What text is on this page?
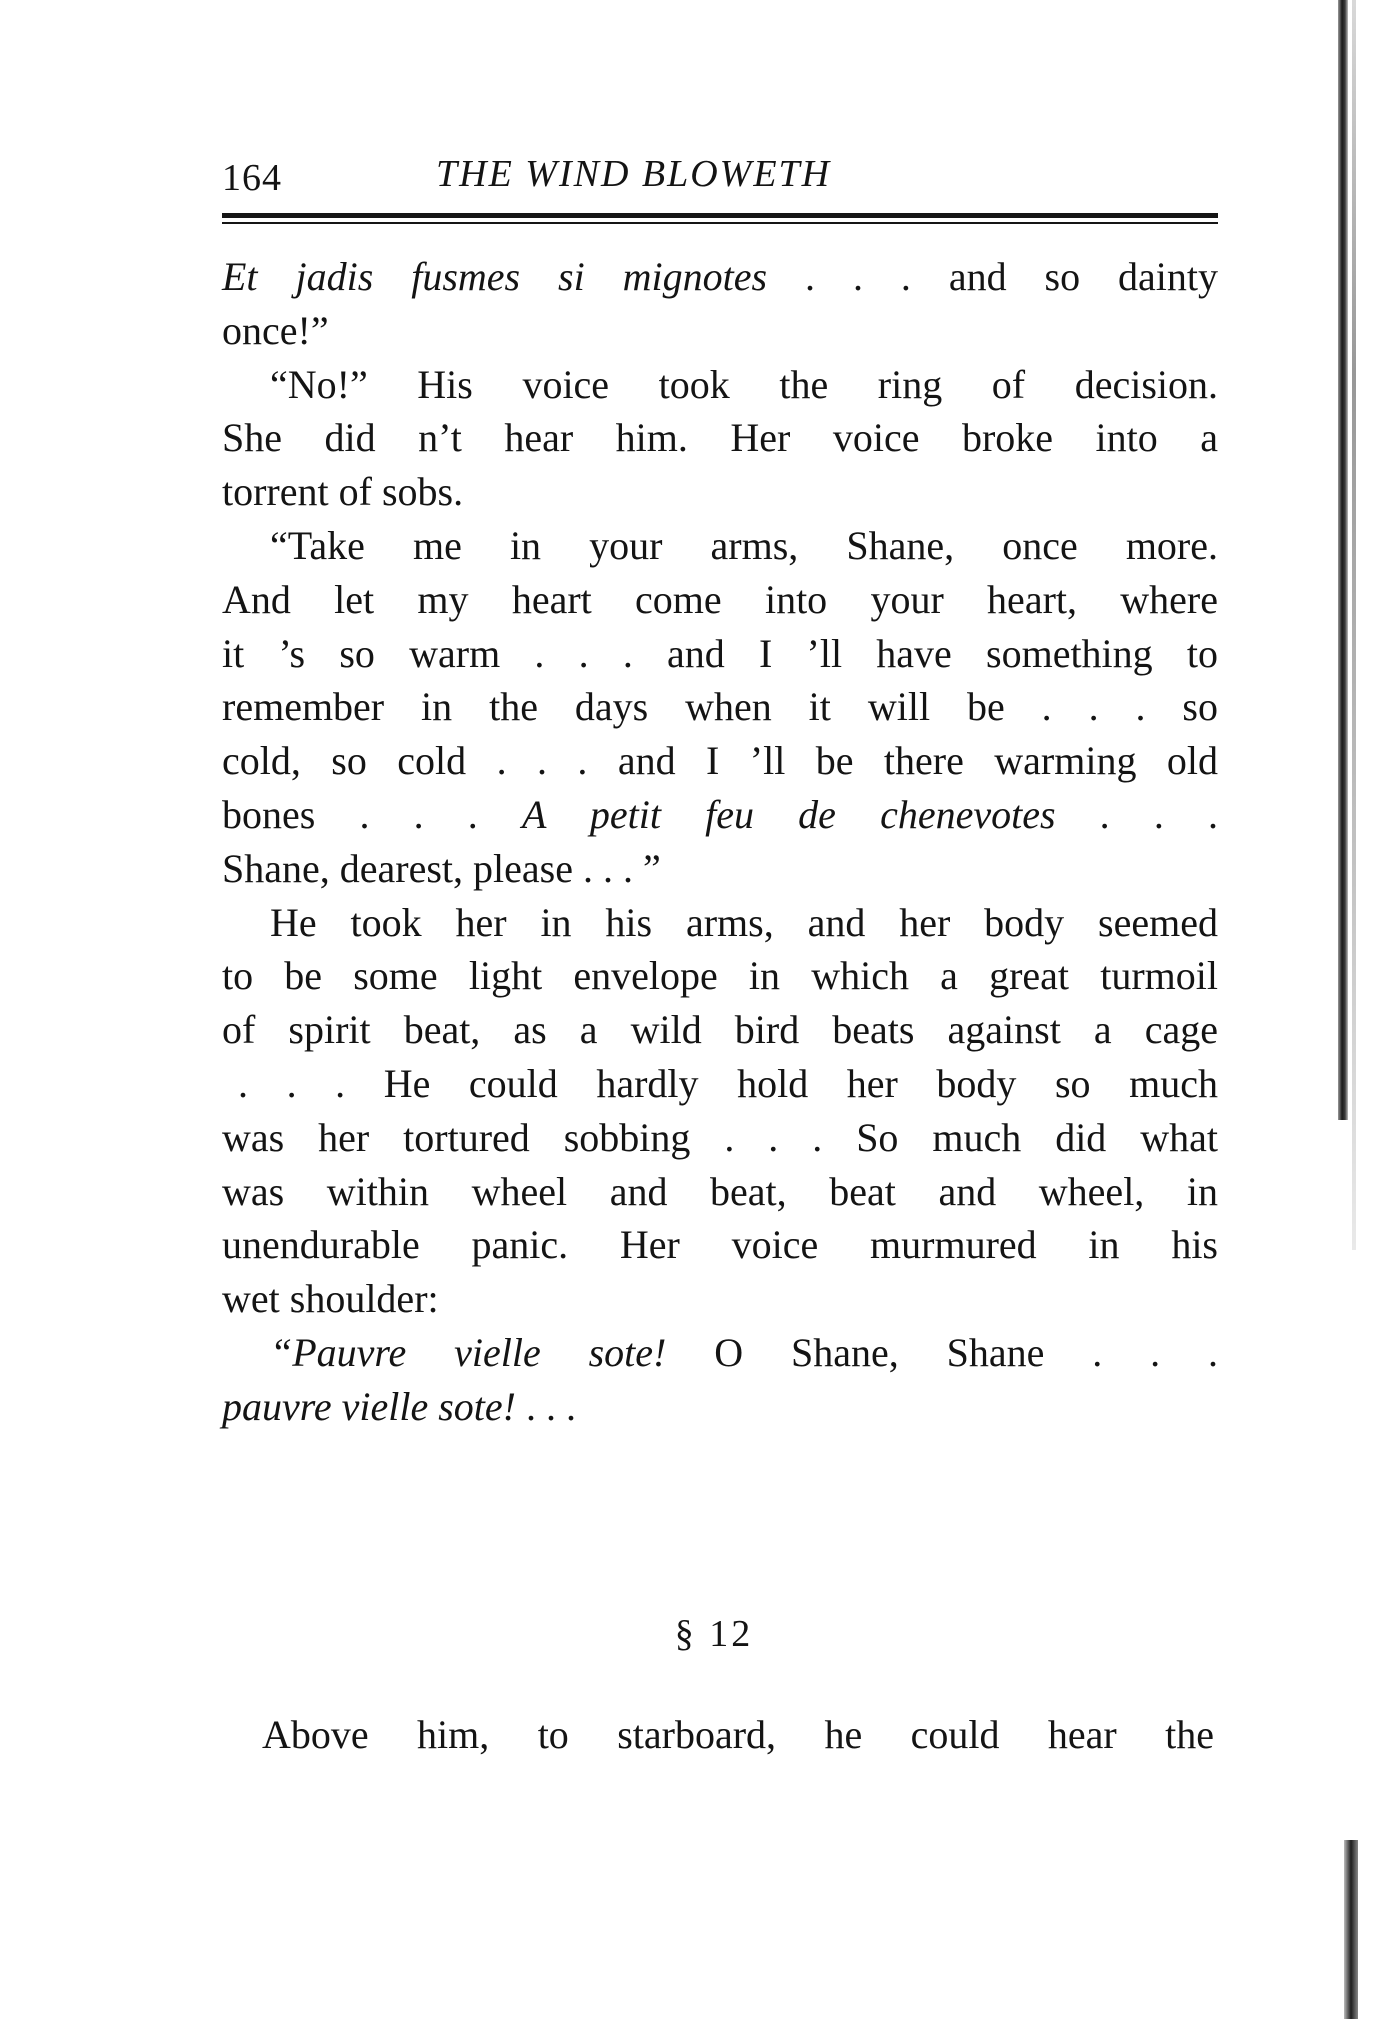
164	THE WIND BLOWETH
Et jadis fusmes si mignotes . . . and so dainty
once!”
“No!” His voice took the ring of decision.
She did n’t hear him. Her voice broke into a
torrent of sobs.
“Take me in your arms, Shane, once more.
And let my heart come into your heart, where
it ’s so warm . . . and I ’ll have something to
remember in the days when it will be . . . so
cold, so cold . . . and I ’ll be there warming old
bones . . . A petit feu de chenevotes . . .
Shane, dearest, please . . . ”
He took her in his arms, and her body seemed
to be some light envelope in which a great turmoil
of spirit beat, as a wild bird beats against a cage
. . . He could hardly hold her body so much
was her tortured sobbing . . . So much did what
was within wheel and beat, beat and wheel, in
unendurable panic. Her voice murmured in his
wet shoulder:
“Pauvre vielle sote! O Shane, Shane . . .
pauvre vielle sote! . . .
§ 12
Above him, to starboard, he could hear the
